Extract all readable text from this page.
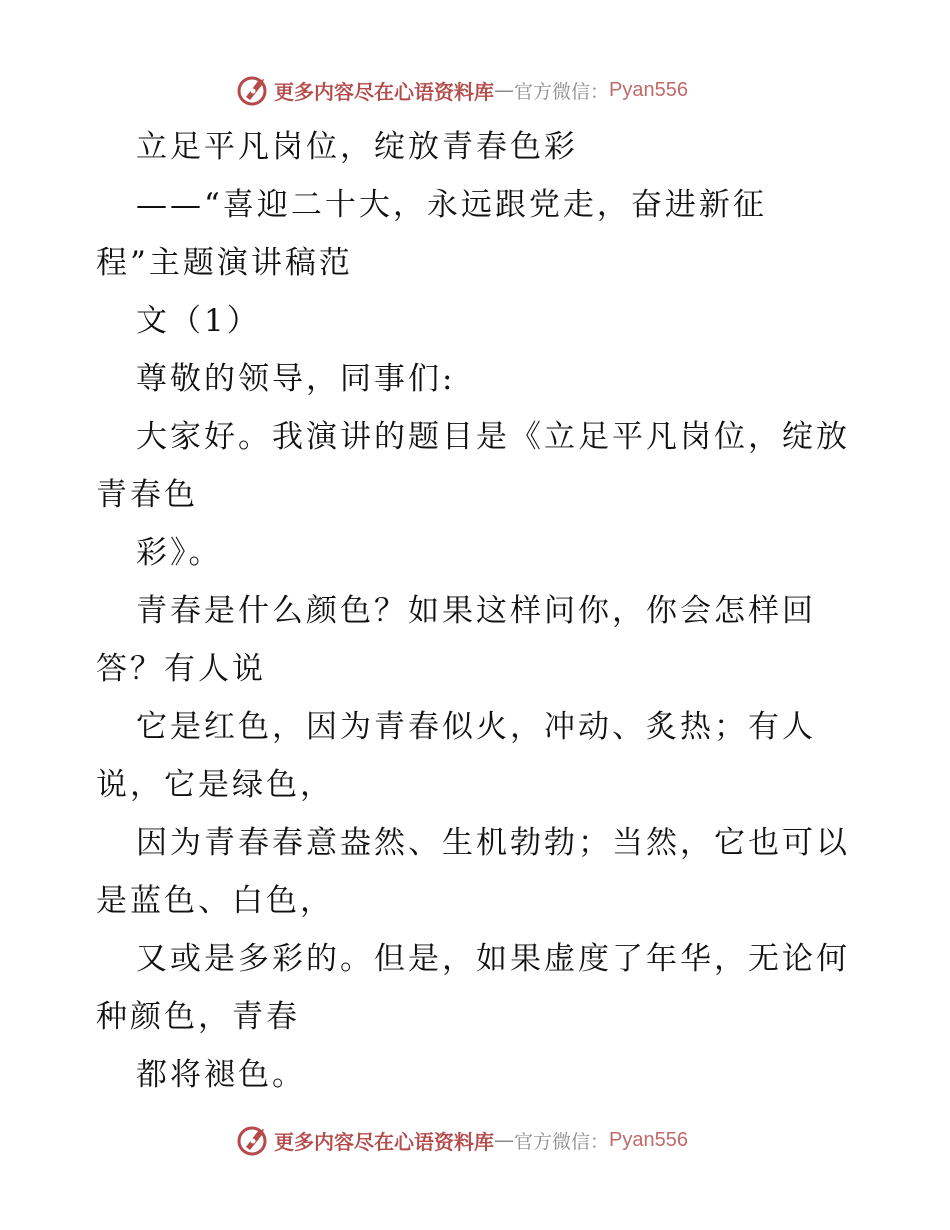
更多内容尽在心语资料库 — 官方微信： Pyan556
立足平凡岗位，绽放青春色彩
——“喜迎二十大，永远跟党走，奋进新征
程”主题演讲稿范
文（1）
尊敬的领导，同事们:
大家好。我演讲的题目是《立足平凡岗位，绽放
青春色
彩》。
青春是什么颜色？如果这样问你，你会怎样回
答？有人说
它是红色，因为青春似火，冲动、炙热；有人
说，它是绿色，
因为青春春意盎然、生机勃勃；当然，它也可以
是蓝色、白色，
又或是多彩的。但是，如果虚度了年华，无论何
种颜色，青春
都将褪色。
更多内容尽在心语资料库 — 官方微信： Pyan556
